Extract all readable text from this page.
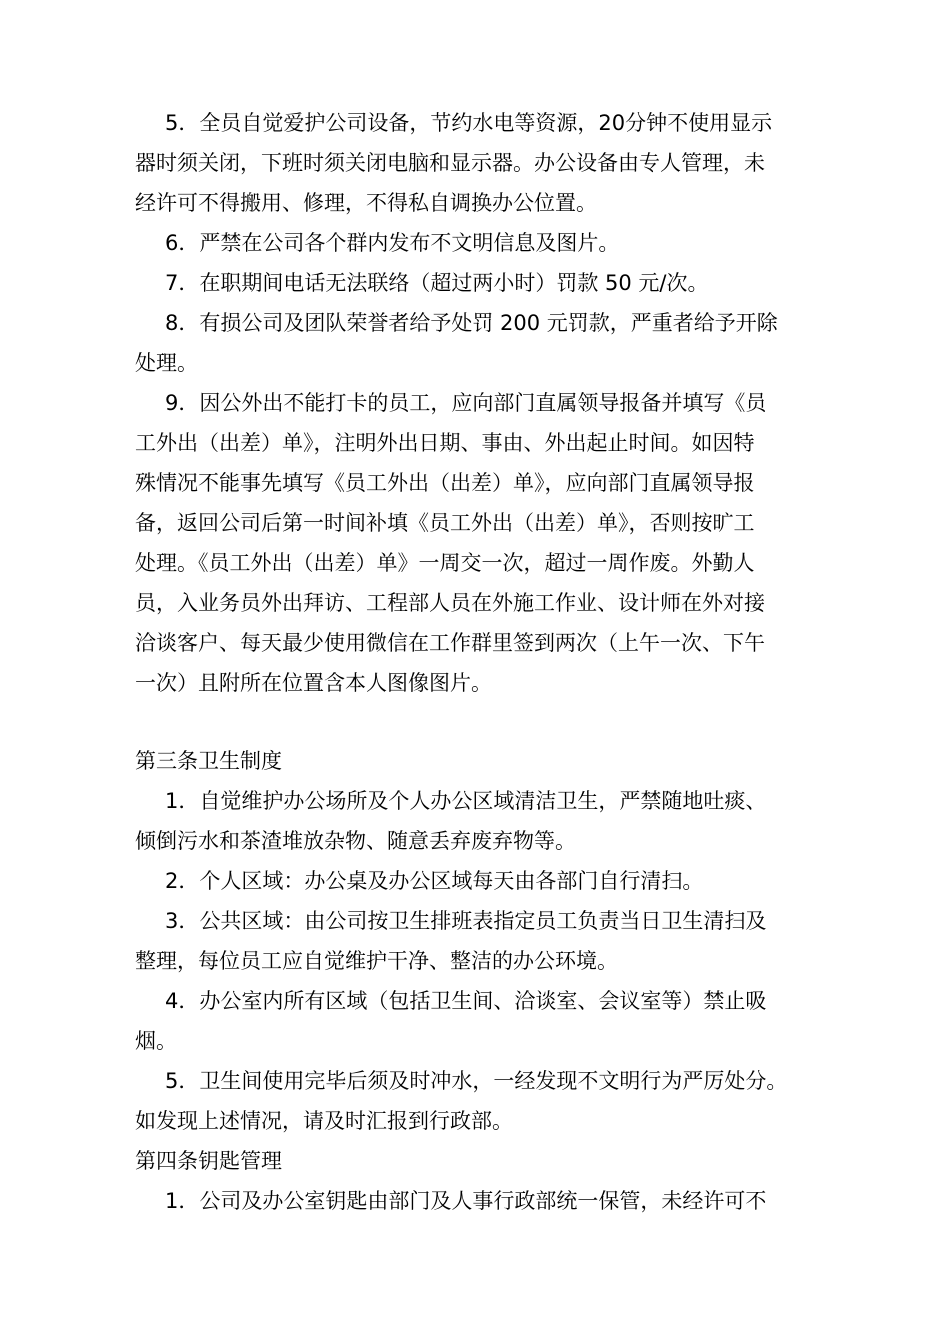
5．全员自觉爱护公司设备，节约水电等资源，20分钟不使用显示
器时须关闭，下班时须关闭电脑和显示器。办公设备由专人管理，未
经许可不得搬用、修理，不得私自调换办公位置。
6．严禁在公司各个群内发布不文明信息及图片。
7．在职期间电话无法联络（超过两小时）罚款 50 元/次。
8．有损公司及团队荣誉者给予处罚 200 元罚款，严重者给予开除
处理。
9．因公外出不能打卡的员工，应向部门直属领导报备并填写《员
工外出（出差）单》，注明外出日期、事由、外出起止时间。如因特
殊情况不能事先填写《员工外出（出差）单》，应向部门直属领导报
备，返回公司后第一时间补填《员工外出（出差）单》，否则按旷工
处理。《员工外出（出差）单》一周交一次，超过一周作废。外勤人
员，入业务员外出拜访、工程部人员在外施工作业、设计师在外对接
洽谈客户、每天最少使用微信在工作群里签到两次（上午一次、下午
一次）且附所在位置含本人图像图片。
第三条卫生制度
1．自觉维护办公场所及个人办公区域清洁卫生，严禁随地吐痰、
倾倒污水和茶渣堆放杂物、随意丢弃废弃物等。
2．个人区域：办公桌及办公区域每天由各部门自行清扫。
3．公共区域：由公司按卫生排班表指定员工负责当日卫生清扫及
整理，每位员工应自觉维护干净、整洁的办公环境。
4．办公室内所有区域（包括卫生间、洽谈室、会议室等）禁止吸
烟。
5．卫生间使用完毕后须及时冲水，一经发现不文明行为严厉处分。
如发现上述情况，请及时汇报到行政部。
第四条钥匙管理
1．公司及办公室钥匙由部门及人事行政部统一保管，未经许可不
